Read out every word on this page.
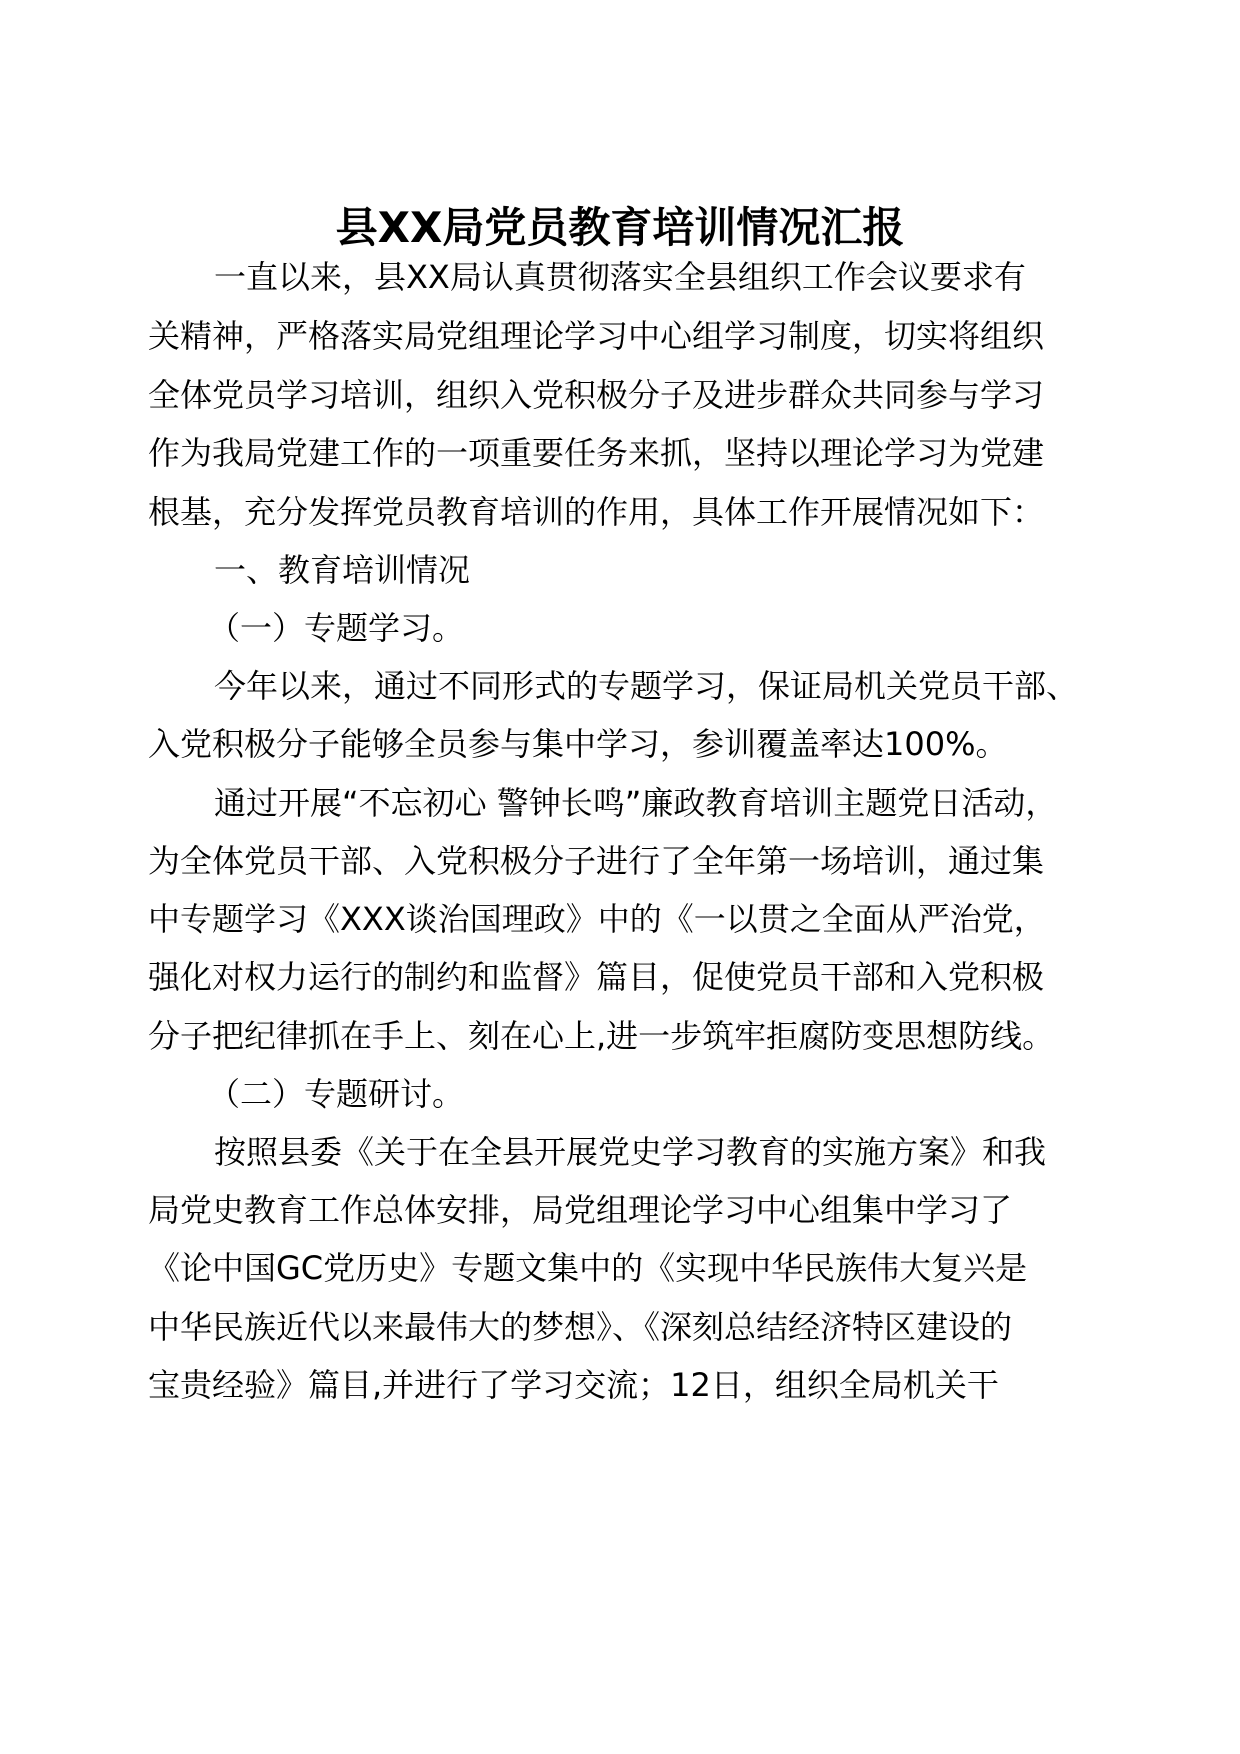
县XX局党员教育培训情况汇报
一直以来，县XX局认真贯彻落实全县组织工作会议要求有
关精神，严格落实局党组理论学习中心组学习制度，切实将组织
全体党员学习培训，组织入党积极分子及进步群众共同参与学习
作为我局党建工作的一项重要任务来抓，坚持以理论学习为党建
根基，充分发挥党员教育培训的作用，具体工作开展情况如下：
一、教育培训情况
（一）专题学习。
今年以来，通过不同形式的专题学习，保证局机关党员干部、
入党积极分子能够全员参与集中学习，参训覆盖率达100%。
通过开展“不忘初心 警钟长鸣”廉政教育培训主题党日活动，
为全体党员干部、入党积极分子进行了全年第一场培训，通过集
中专题学习《XXX谈治国理政》中的《一以贯之全面从严治党，
强化对权力运行的制约和监督》篇目，促使党员干部和入党积极
分子把纪律抓在手上、刻在心上,进一步筑牢拒腐防变思想防线。
（二）专题研讨。
按照县委《关于在全县开展党史学习教育的实施方案》和我
局党史教育工作总体安排，局党组理论学习中心组集中学习了
《论中国GC党历史》专题文集中的《实现中华民族伟大复兴是
中华民族近代以来最伟大的梦想》、《深刻总结经济特区建设的
宝贵经验》篇目,并进行了学习交流；12日，组织全局机关干
